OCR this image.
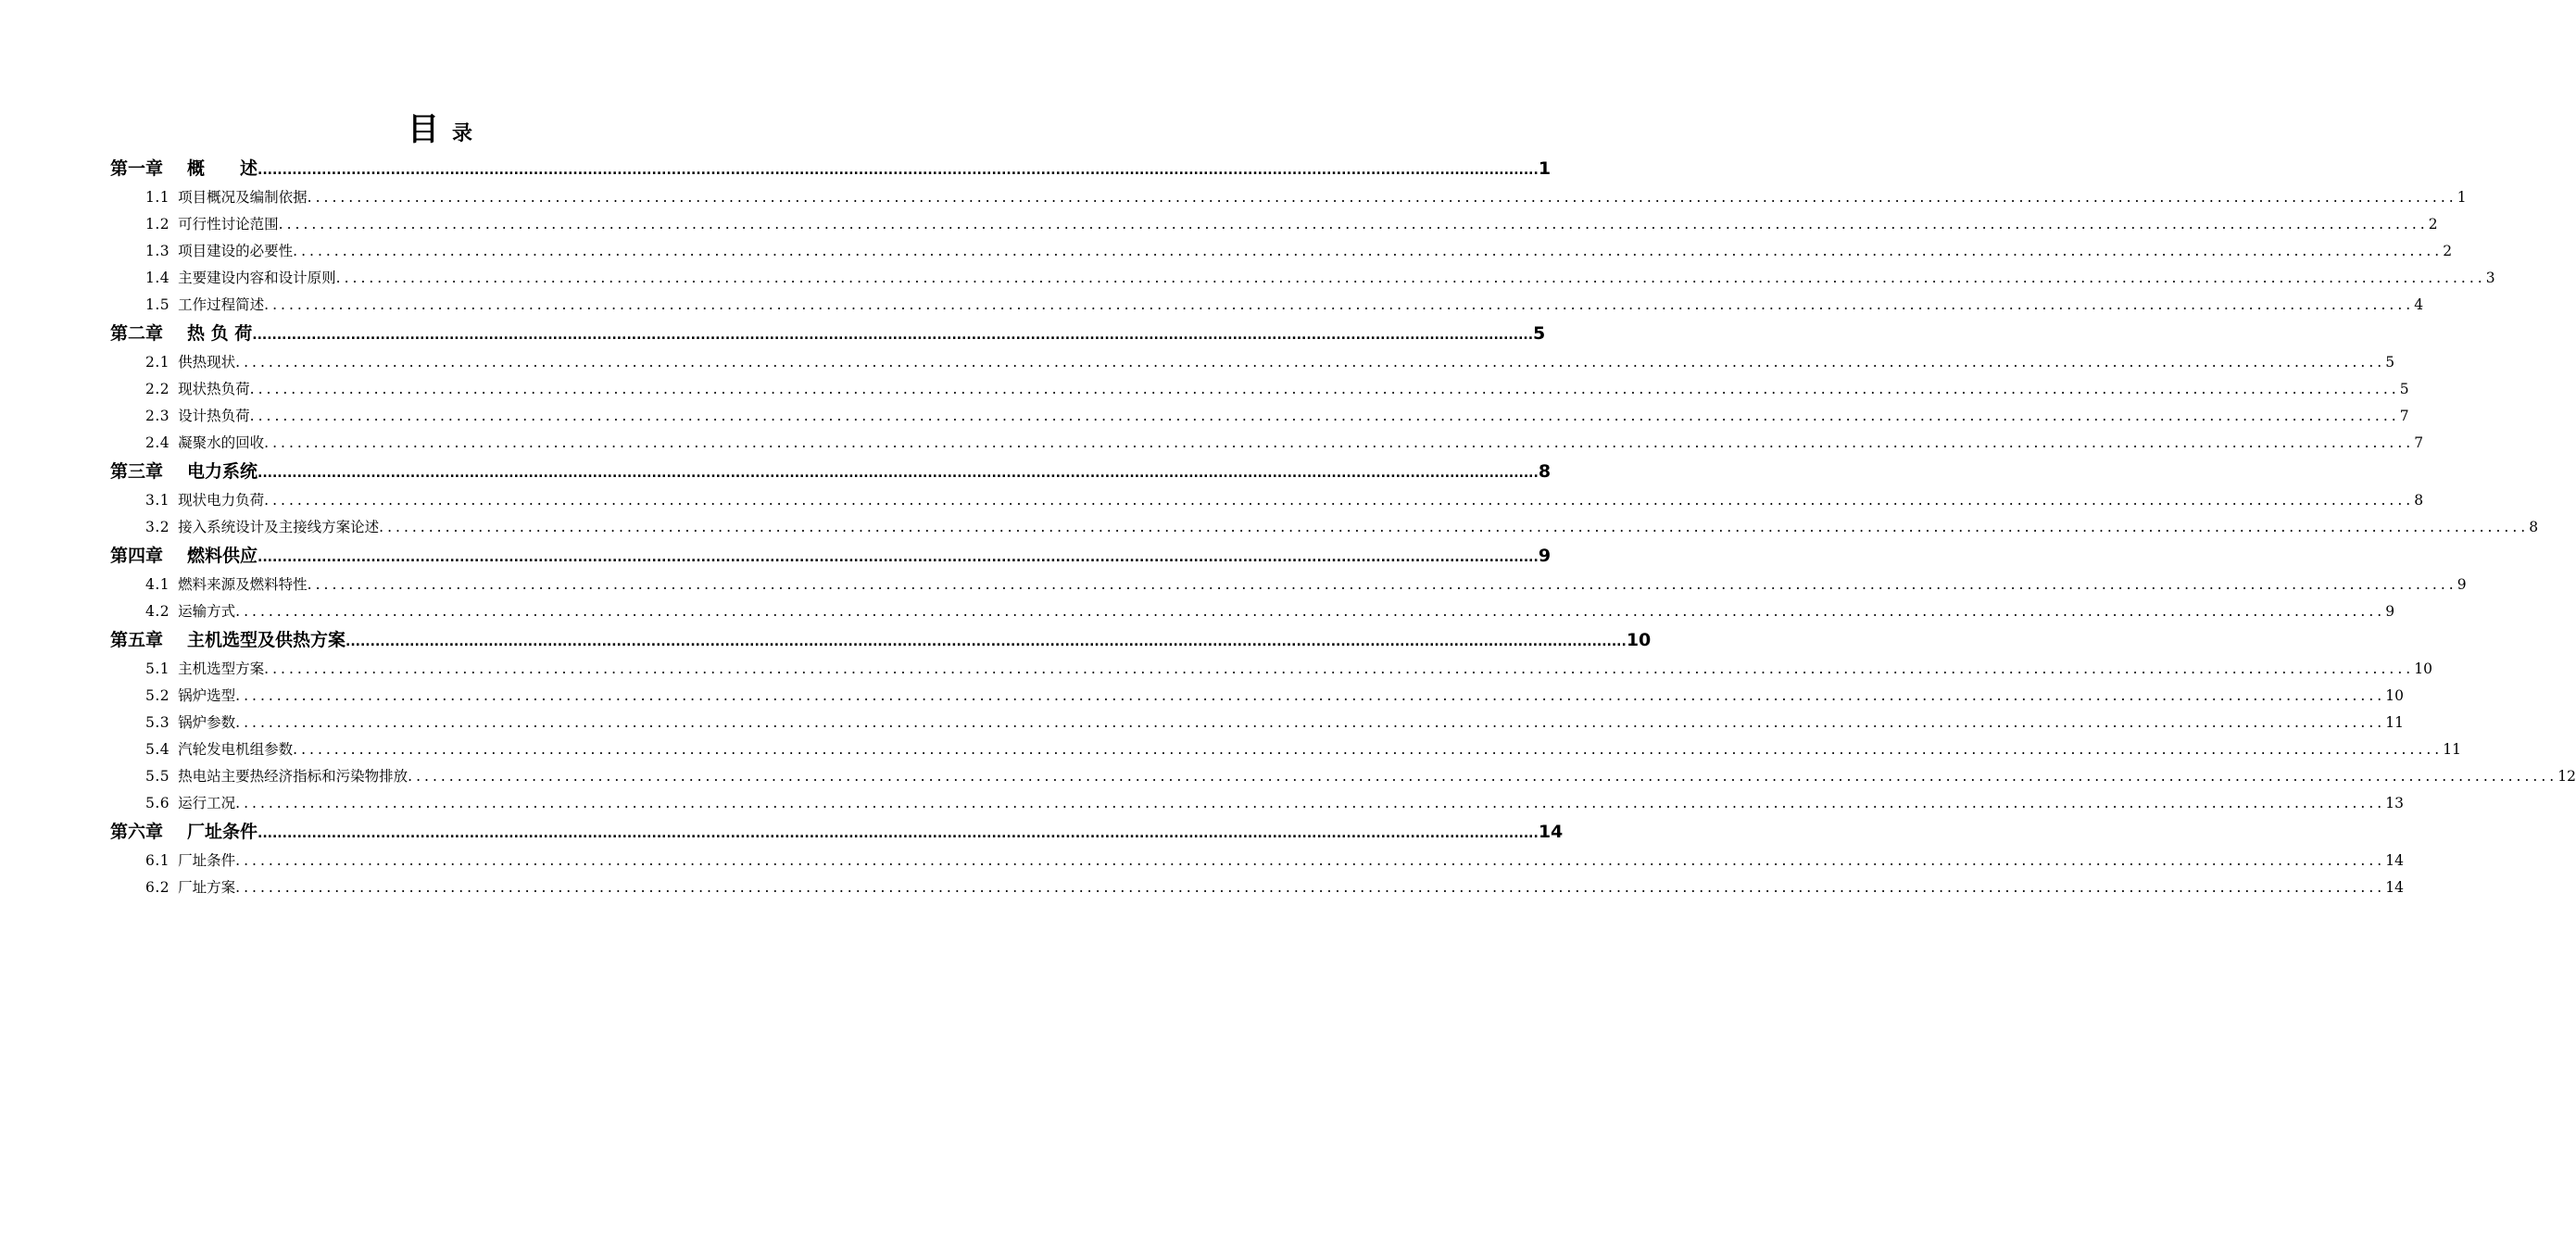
目录
第一章 概　　述 .................................................................................................................................................................................................................................................................... 1
1.1 项目概况及编制依据 .................................................................................................................................................................................................................................................................... 1
1.2 可行性讨论范围 .................................................................................................................................................................................................................................................................... 2
1.3 项目建设的必要性 .................................................................................................................................................................................................................................................................... 2
1.4 主要建设内容和设计原则 .................................................................................................................................................................................................................................................................... 3
1.5 工作过程简述 .................................................................................................................................................................................................................................................................... 4
第二章 热 负 荷 .................................................................................................................................................................................................................................................................... 5
2.1 供热现状 .................................................................................................................................................................................................................................................................... 5
2.2 现状热负荷 .................................................................................................................................................................................................................................................................... 5
2.3 设计热负荷 .................................................................................................................................................................................................................................................................... 7
2.4 凝聚水的回收 .................................................................................................................................................................................................................................................................... 7
第三章 电力系统 .................................................................................................................................................................................................................................................................... 8
3.1 现状电力负荷 .................................................................................................................................................................................................................................................................... 8
3.2 接入系统设计及主接线方案论述 .................................................................................................................................................................................................................................................................... 8
第四章 燃料供应 .................................................................................................................................................................................................................................................................... 9
4.1 燃料来源及燃料特性 .................................................................................................................................................................................................................................................................... 9
4.2 运输方式 .................................................................................................................................................................................................................................................................... 9
第五章 主机选型及供热方案 .................................................................................................................................................................................................................................................................... 10
5.1 主机选型方案 .................................................................................................................................................................................................................................................................... 10
5.2 锅炉选型 .................................................................................................................................................................................................................................................................... 10
5.3 锅炉参数 .................................................................................................................................................................................................................................................................... 11
5.4 汽轮发电机组参数 .................................................................................................................................................................................................................................................................... 11
5.5 热电站主要热经济指标和污染物排放 .................................................................................................................................................................................................................................................................... 12
5.6 运行工况 .................................................................................................................................................................................................................................................................... 13
第六章 厂址条件 .................................................................................................................................................................................................................................................................... 14
6.1 厂址条件 .................................................................................................................................................................................................................................................................... 14
6.2 厂址方案 .................................................................................................................................................................................................................................................................... 14
